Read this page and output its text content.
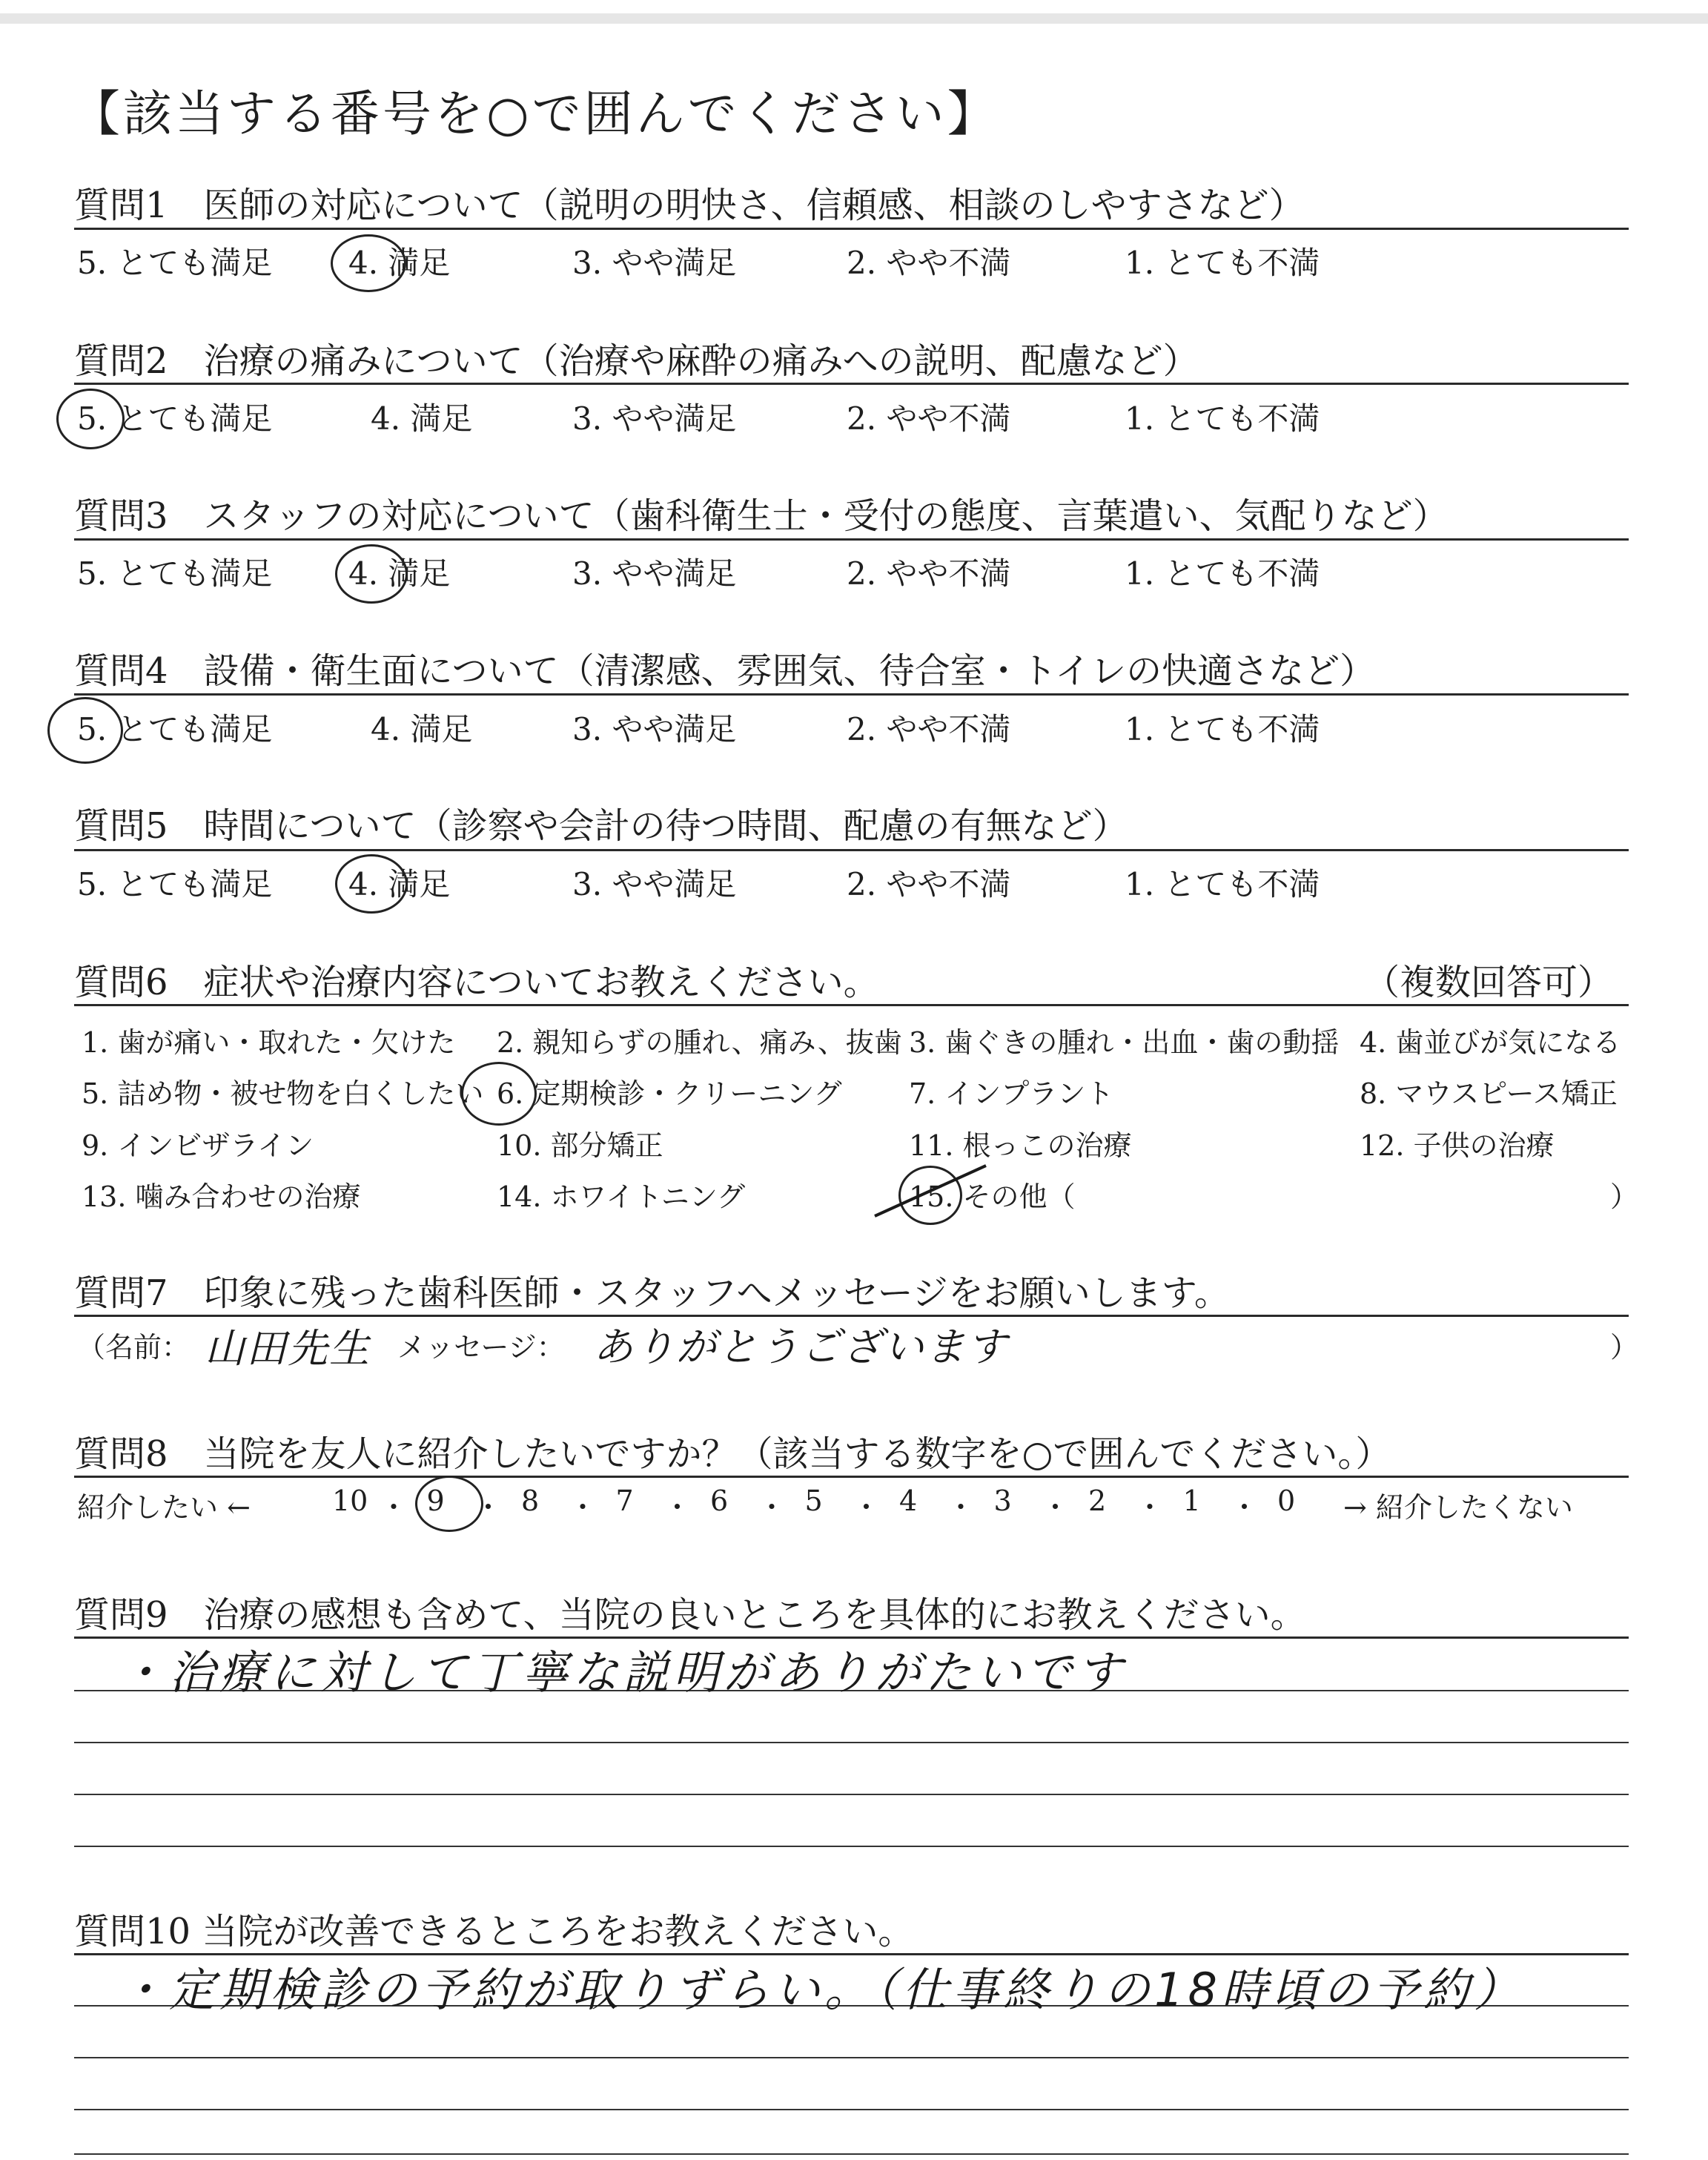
【該当する番号を○で囲んでください】
質問1　医師の対応について（説明の明快さ、信頼感、相談のしやすさなど）
5. とても満足 4. 満足	3. やや満足	2. やや不満	1. とても不満
質問2　治療の痛みについて（治療や麻酔の痛みへの説明、配慮など）
5. とても満足	4. 満足	3. やや満足	2. やや不満	1. とても不満
質問3　スタッフの対応について（歯科衛生士・受付の態度、言葉遣い、気配りなど）
5. とても満足 4. 満足	3. やや満足	2. やや不満	1. とても不満
質問4　設備・衛生面について（清潔感、雰囲気、待合室・トイレの快適さなど）
5. とても満足	4. 満足	3. やや満足	2. やや不満	1. とても不満
質問5　時間について（診察や会計の待つ時間、配慮の有無など）
5. とても満足 4. 満足	3. やや満足	2. やや不満	1. とても不満
質問6　症状や治療内容についてお教えください。	（複数回答可）
1. 歯が痛い・取れた・欠けた 2. 親知らずの腫れ、痛み、抜歯 3. 歯ぐきの腫れ・出血・歯の動揺 4. 歯並びが気になる
5. 詰め物・被せ物を白くしたい 6. 定期検診・クリーニング 7. インプラント	8. マウスピース矯正
9. インビザライン	10. 部分矯正	11. 根っこの治療	12. 子供の治療
13. 噛み合わせの治療	14. ホワイトニング	15. その他（	）
質問7　印象に残った歯科医師・スタッフへメッセージをお願いします。
（名前： 山田先生 メッセージ： ありがとうございます	）
質問8　当院を友人に紹介したいですか？（該当する数字を○で囲んでください。）
紹介したい ←	10 ・ 9 ・ 8 ・ 7 ・ 6 ・ 5 ・ 4 ・ 3 ・ 2 ・ 1 ・ 0 → 紹介したくない
質問9　治療の感想も含めて、当院の良いところを具体的にお教えください。
・治療に対して丁寧な説明がありがたいです
質問10 当院が改善できるところをお教えください。
・定期検診の予約が取りずらい。（仕事終りの18時頃の予約）
